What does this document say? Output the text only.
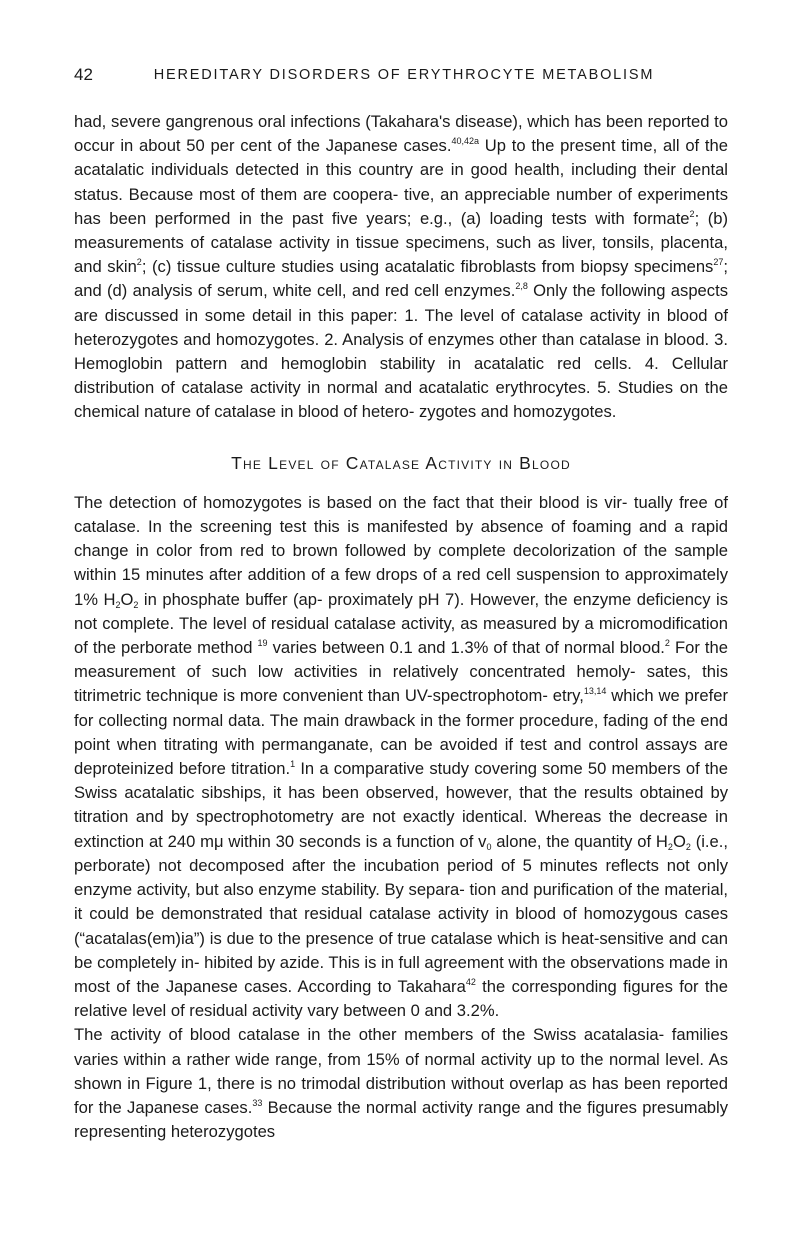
42	HEREDITARY DISORDERS OF ERYTHROCYTE METABOLISM

had, severe gangrenous oral infections (Takahara's disease), which has been reported to occur in about 50 per cent of the Japanese cases.$^{40,42a}$ Up to the present time, all of the acatalatic individuals detected in this country are in good health, including their dental status. Because most of them are coopera- tive, an appreciable number of experiments has been performed in the past five years; e.g., (a) loading tests with formate$^2$; (b) measurements of catalase activity in tissue specimens, such as liver, tonsils, placenta, and skin$^2$; (c) tissue culture studies using acatalatic fibroblasts from biopsy specimens$^{27}$; and (d) analysis of serum, white cell, and red cell enzymes.$^{2,8}$ Only the following aspects are discussed in some detail in this paper: 1. The level of catalase activity in blood of heterozygotes and homozygotes. 2. Analysis of enzymes other than catalase in blood. 3. Hemoglobin pattern and hemoglobin stability in acatalatic red cells. 4. Cellular distribution of catalase activity in normal and acatalatic erythrocytes. 5. Studies on the chemical nature of catalase in blood of hetero- zygotes and homozygotes.

The Level of Catalase Activity in Blood

The detection of homozygotes is based on the fact that their blood is vir- tually free of catalase. In the screening test this is manifested by absence of foaming and a rapid change in color from red to brown followed by complete decolorization of the sample within 15 minutes after addition of a few drops of a red cell suspension to approximately 1% $H_2O_2$ in phosphate buffer (ap- proximately pH 7). However, the enzyme deficiency is not complete. The level of residual catalase activity, as measured by a micromodification of the perborate method $^{19}$ varies between 0.1 and 1.3% of that of normal blood.$^2$ For the measurement of such low activities in relatively concentrated hemoly- sates, this titrimetric technique is more convenient than UV-spectrophotom- etry,$^{13,14}$ which we prefer for collecting normal data. The main drawback in the former procedure, fading of the end point when titrating with permanganate, can be avoided if test and control assays are deproteinized before titration.$^1$ In a comparative study covering some 50 members of the Swiss acatalatic sibships, it has been observed, however, that the results obtained by titration and by spectrophotometry are not exactly identical. Whereas the decrease in extinction at 240 mμ within 30 seconds is a function of $v_0$ alone, the quantity of $H_2O_2$ (i.e., perborate) not decomposed after the incubation period of 5 minutes reflects not only enzyme activity, but also enzyme stability. By separa- tion and purification of the material, it could be demonstrated that residual catalase activity in blood of homozygous cases (“acatalas(em)ia”) is due to the presence of true catalase which is heat-sensitive and can be completely in- hibited by azide. This is in full agreement with the observations made in most of the Japanese cases. According to Takahara$^{42}$ the corresponding figures for the relative level of residual activity vary between 0 and 3.2%.

The activity of blood catalase in the other members of the Swiss acatalasia- families varies within a rather wide range, from 15% of normal activity up to the normal level. As shown in Figure 1, there is no trimodal distribution without overlap as has been reported for the Japanese cases.$^{33}$ Because the normal activity range and the figures presumably representing heterozygotes
